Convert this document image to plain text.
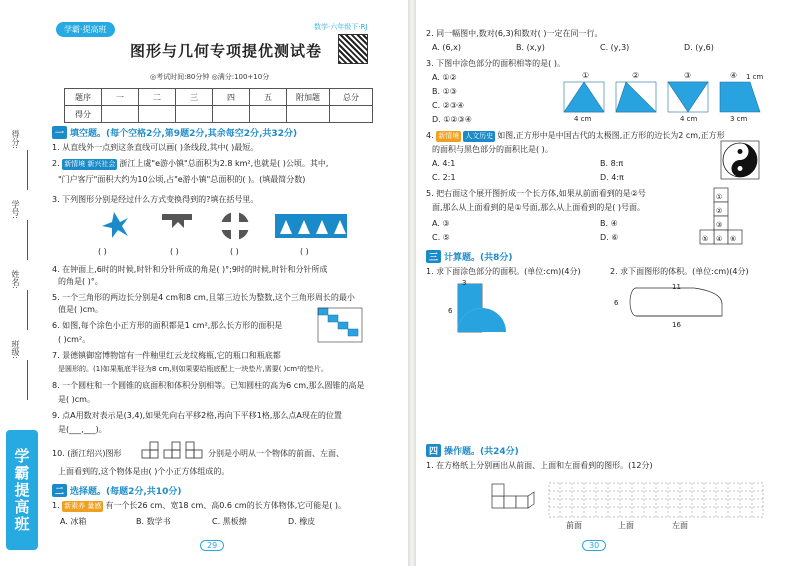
得分:
学号:
姓名:
班级:
学霸提高班
学霸·提高班	数学·六年级下·RJ
图形与几何专项提优测试卷
◎考试时间:80分钟 ◎满分:100+10分
题序	一	二	三	四	五	附加题	总分
得分							
一 填空题。(每个空格2分,第9题2分,其余每空2分,共32分)
1. 从直线外一点到这条直线可以画( )条线段,其中( )最短。
2. 新情境 新兴社会 浙江上虞"e游小镇"总面积为2.8 km²,也就是( )公顷。其中,
"门户客厅"面积大约为10公顷,占"e游小镇"总面积的( )。(填最简分数)
3. 下列图形分别是经过什么方式变换得到的?填在括号里。
( )	( )	( )	( )
4. 在钟面上,6时的时候,时针和分针所成的角是( )°;9时的时候,时针和分针所成
的角是( )°。
5. 一个三角形的两边长分别是4 cm和8 cm,且第三边长为整数,这个三角形周长的最小
值是( )cm。
6. 如图,每个涂色小正方形的面积都是1 cm²,那么长方形的面积是
( )cm²。
7. 景德镇御窑博物馆有一件釉里红云龙纹梅瓶,它的瓶口和瓶底都
是圆形的。(1)如果瓶底半径为8 cm,则如果要给瓶底配上一块垫片,需要( )cm²的垫片。
8. 一个圆柱和一个圆锥的底面积和体积分别相等。已知圆柱的高为6 cm,那么圆锥的高是
是( )cm。
9. 点A用数对表示是(3,4),如果先向右平移2格,再向下平移1格,那么点A现在的位置
是(___,___)。
10. (浙江绍兴)图形	分别是小明从一个物体的前面、左面、
上面看到的,这个物体是由( )个小正方体组成的。
二 选择题。(每题2分,共10分)
1. 新素养 量感 有一个长26 cm、宽18 cm、高0.6 cm的长方体物体,它可能是( )。
A. 冰箱	B. 数学书	C. 黑板擦	D. 橡皮
29
2. 同一幅图中,数对(6,3)和数对( )一定在同一行。
A. (6,x)	B. (x,y)	C. (y,3)	D. (y,6)
3. 下图中涂色部分的面积相等的是( )。
A. ①②
B. ①③
C. ②③④
D. ①②③④
①	②	③	④ 1 cm
4 cm	4 cm	3 cm
4. 新情境 人文历史 如图,正方形中是中国古代的太极图,正方形的边长为2 cm,正方形
的面积与黑色部分的面积比是( )。
A. 4:1	B. 8:π
C. 2:1	D. 4:π
5. 把右面这个展开图折成一个长方体,如果从前面看到的是②号
面,那么从上面看到的是①号面,那么从上面看到的是( )号面。
A. ③	B. ④
C. ⑤	D. ⑥
①
②
③
④
⑤	⑥
三 计算题。(共8分)
1. 求下面涂色部分的面积。(单位:cm)(4分)	2. 求下面图形的体积。(单位:cm)(4分)
3
6
11
6
16
四 操作题。(共24分)
1. 在方格纸上分别画出从前面、上面和左面看到的图形。(12分)
前面	上面	左面
30
